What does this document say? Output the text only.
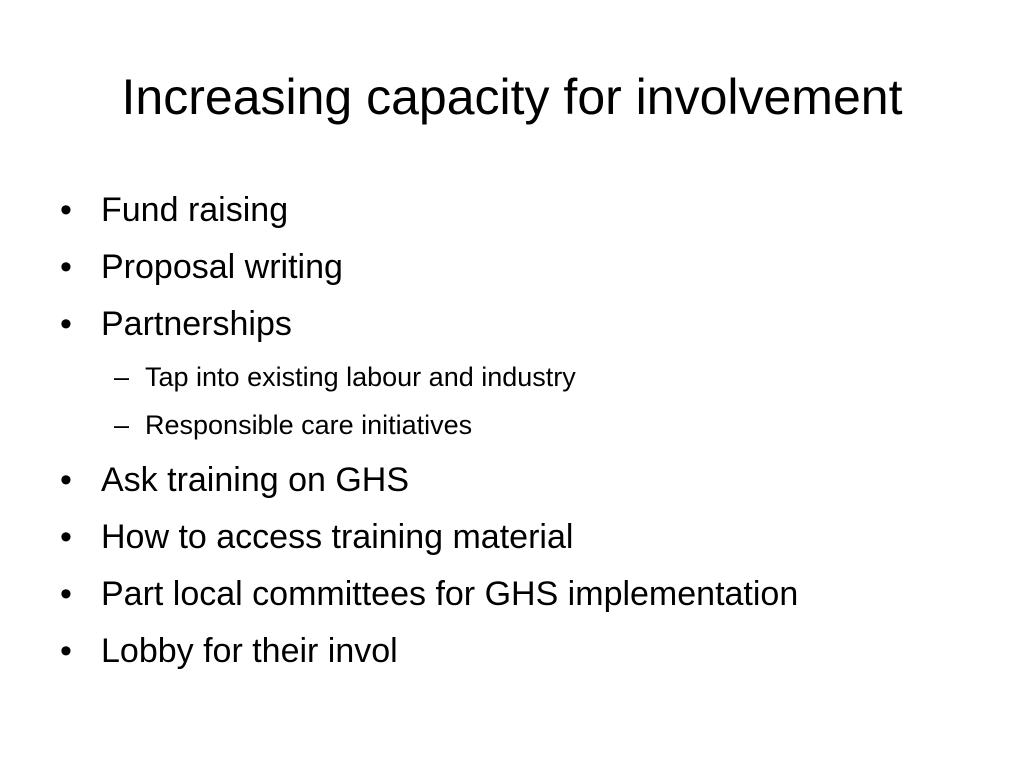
Increasing capacity for involvement
• Fund raising
• Proposal writing
• Partnerships
– Tap into existing labour and industry
– Responsible care initiatives
• Ask training on GHS
• How to access training material
• Part local committees for GHS implementation
• Lobby for their invol
